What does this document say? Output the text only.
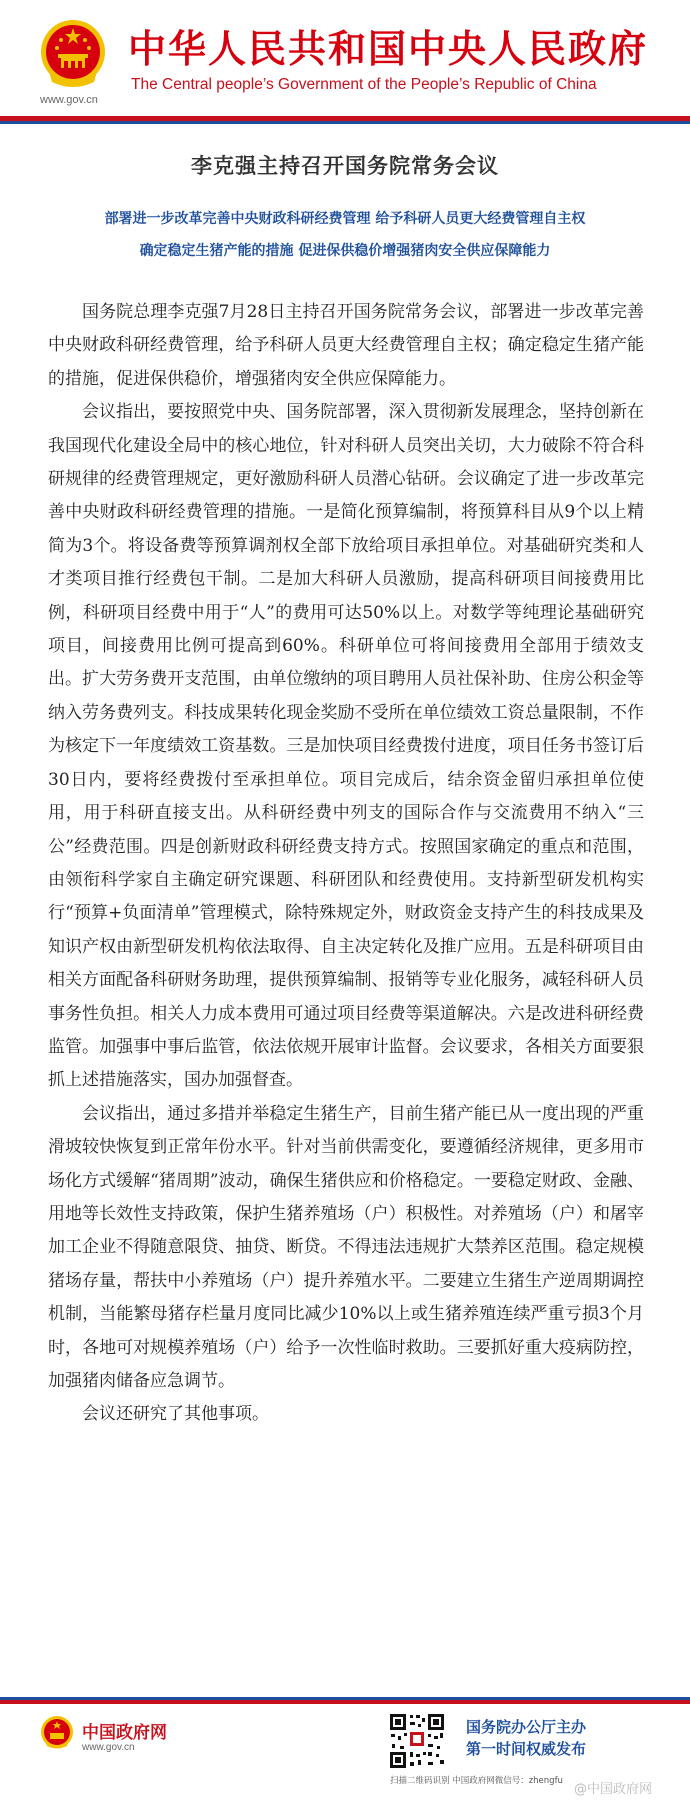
www.gov.cn
中华人民共和国中央人民政府
The Central people’s Government of the People’s Republic of China
李克强主持召开国务院常务会议
部署进一步改革完善中央财政科研经费管理 给予科研人员更大经费管理自主权
确定稳定生猪产能的措施 促进保供稳价增强猪肉安全供应保障能力

国务院总理李克强7月28日主持召开国务院常务会议，部署进一步改革完善中央财政科研经费管理，给予科研人员更大经费管理自主权；确定稳定生猪产能的措施，促进保供稳价，增强猪肉安全供应保障能力。

会议指出，要按照党中央、国务院部署，深入贯彻新发展理念，坚持创新在我国现代化建设全局中的核心地位，针对科研人员突出关切，大力破除不符合科研规律的经费管理规定，更好激励科研人员潜心钻研。会议确定了进一步改革完善中央财政科研经费管理的措施。一是简化预算编制，将预算科目从9个以上精简为3个。将设备费等预算调剂权全部下放给项目承担单位。对基础研究类和人才类项目推行经费包干制。二是加大科研人员激励，提高科研项目间接费用比例，科研项目经费中用于“人”的费用可达50%以上。对数学等纯理论基础研究项目，间接费用比例可提高到60%。科研单位可将间接费用全部用于绩效支出。扩大劳务费开支范围，由单位缴纳的项目聘用人员社保补助、住房公积金等纳入劳务费列支。科技成果转化现金奖励不受所在单位绩效工资总量限制，不作为核定下一年度绩效工资基数。三是加快项目经费拨付进度，项目任务书签订后30日内，要将经费拨付至承担单位。项目完成后，结余资金留归承担单位使用，用于科研直接支出。从科研经费中列支的国际合作与交流费用不纳入“三公”经费范围。四是创新财政科研经费支持方式。按照国家确定的重点和范围，由领衔科学家自主确定研究课题、科研团队和经费使用。支持新型研发机构实行“预算+负面清单”管理模式，除特殊规定外，财政资金支持产生的科技成果及知识产权由新型研发机构依法取得、自主决定转化及推广应用。五是科研项目由相关方面配备科研财务助理，提供预算编制、报销等专业化服务，减轻科研人员事务性负担。相关人力成本费用可通过项目经费等渠道解决。六是改进科研经费监管。加强事中事后监管，依法依规开展审计监督。会议要求，各相关方面要狠抓上述措施落实，国办加强督查。

会议指出，通过多措并举稳定生猪生产，目前生猪产能已从一度出现的严重滑坡较快恢复到正常年份水平。针对当前供需变化，要遵循经济规律，更多用市场化方式缓解“猪周期”波动，确保生猪供应和价格稳定。一要稳定财政、金融、用地等长效性支持政策，保护生猪养殖场（户）积极性。对养殖场（户）和屠宰加工企业不得随意限贷、抽贷、断贷。不得违法违规扩大禁养区范围。稳定规模猪场存量，帮扶中小养殖场（户）提升养殖水平。二要建立生猪生产逆周期调控机制，当能繁母猪存栏量月度同比减少10%以上或生猪养殖连续严重亏损3个月时，各地可对规模养殖场（户）给予一次性临时救助。三要抓好重大疫病防控，加强猪肉储备应急调节。

会议还研究了其他事项。

中国政府网
www.gov.cn
扫描二维码识别 中国政府网微信号：zhengfu
国务院办公厅主办
第一时间权威发布
@中国政府网
